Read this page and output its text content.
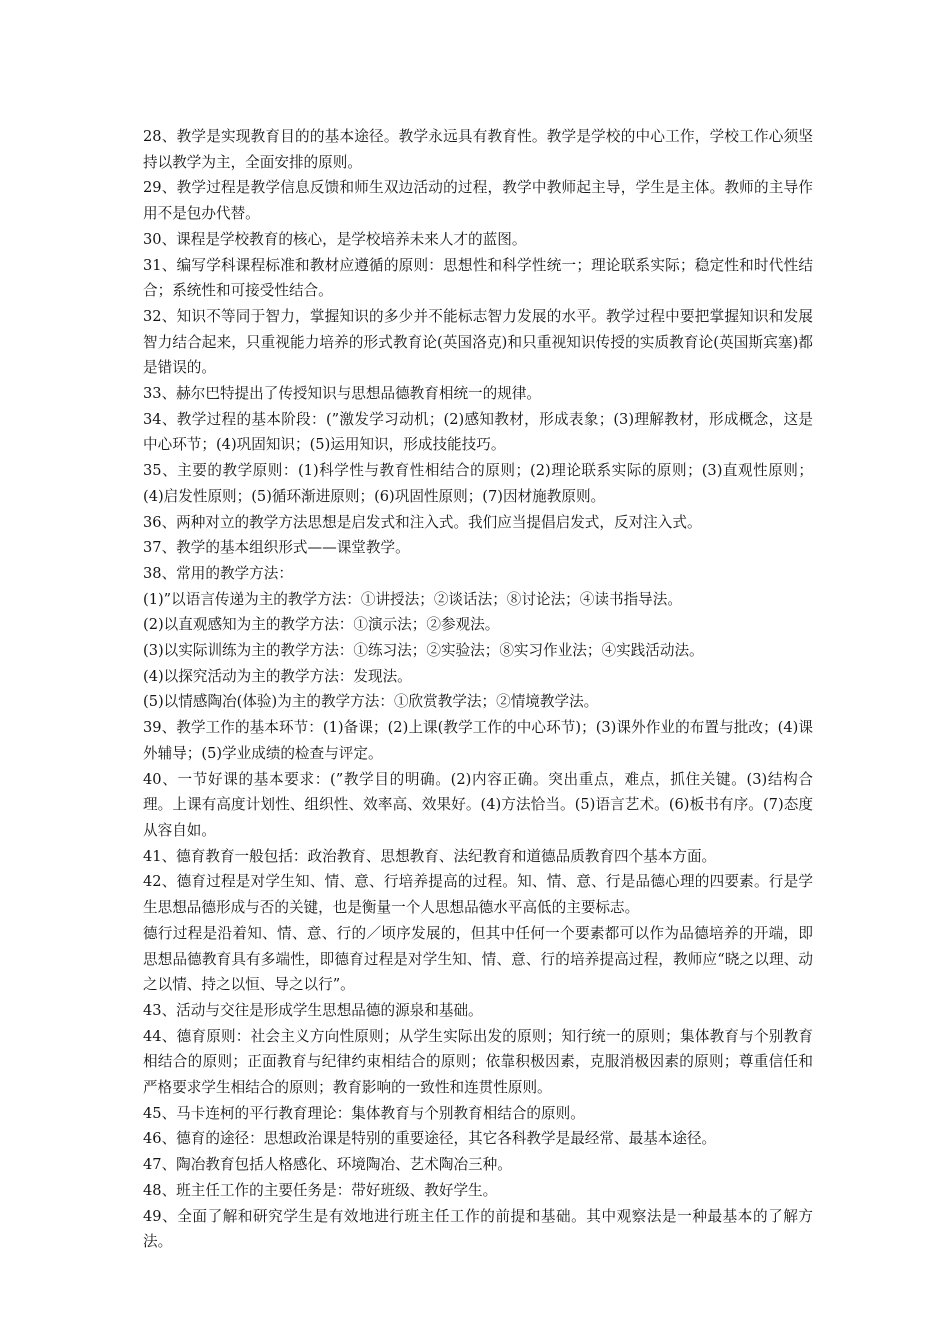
28、教学是实现教育目的的基本途径。教学永远具有教育性。教学是学校的中心工作，学校工作心须坚持以教学为主，全面安排的原则。

29、教学过程是教学信息反馈和师生双边活动的过程，教学中教师起主导，学生是主体。教师的主导作用不是包办代替。

30、课程是学校教育的核心，是学校培养未来人才的蓝图。

31、编写学科课程标准和教材应遵循的原则：思想性和科学性统一；理论联系实际；稳定性和时代性结合；系统性和可接受性结合。

32、知识不等同于智力，掌握知识的多少并不能标志智力发展的水平。教学过程中要把掌握知识和发展智力结合起来，只重视能力培养的形式教育论(英国洛克)和只重视知识传授的实质教育论(英国斯宾塞)都是错误的。

33、赫尔巴特提出了传授知识与思想品德教育相统一的规律。

34、教学过程的基本阶段：(”激发学习动机；(2)感知教材，形成表象；(3)理解教材，形成概念，这是中心环节；(4)巩固知识；(5)运用知识，形成技能技巧。

35、主要的教学原则：(1)科学性与教育性相结合的原则；(2)理论联系实际的原则；(3)直观性原则；(4)启发性原则；(5)循环渐进原则；(6)巩固性原则；(7)因材施教原则。

36、两种对立的教学方法思想是启发式和注入式。我们应当提倡启发式，反对注入式。

37、教学的基本组织形式——课堂教学。

38、常用的教学方法：

(1)”以语言传递为主的教学方法：①讲授法；②谈话法；⑧讨论法；④读书指导法。

(2)以直观感知为主的教学方法：①演示法；②参观法。

(3)以实际训练为主的教学方法：①练习法；②实验法；⑧实习作业法；④实践活动法。

(4)以探究活动为主的教学方法：发现法。

(5)以情感陶冶(体验)为主的教学方法：①欣赏教学法；②情境教学法。

39、教学工作的基本环节：(1)备课；(2)上课(教学工作的中心环节)；(3)课外作业的布置与批改；(4)课外辅导；(5)学业成绩的检查与评定。

40、一节好课的基本要求：(”教学目的明确。(2)内容正确。突出重点，难点，抓住关键。(3)结构合理。上课有高度计划性、组织性、效率高、效果好。(4)方法恰当。(5)语言艺术。(6)板书有序。(7)态度从容自如。

41、德育教育一般包括：政治教育、思想教育、法纪教育和道德品质教育四个基本方面。

42、德育过程是对学生知、情、意、行培养提高的过程。知、情、意、行是品德心理的四要素。行是学生思想品德形成与否的关键，也是衡量一个人思想品德水平高低的主要标志。

德行过程是沿着知、情、意、行的／顷序发展的，但其中任何一个要素都可以作为品德培养的开端，即思想品德教育具有多端性，即德育过程是对学生知、情、意、行的培养提高过程，教师应“晓之以理、动之以情、持之以恒、导之以行”。

43、活动与交往是形成学生思想品德的源泉和基础。

44、德育原则：社会主义方向性原则；从学生实际出发的原则；知行统一的原则；集体教育与个别教育相结合的原则；正面教育与纪律约束相结合的原则；依靠积极因素，克服消极因素的原则；尊重信任和严格要求学生相结合的原则；教育影响的一致性和连贯性原则。

45、马卡连柯的平行教育理论：集体教育与个别教育相结合的原则。

46、德育的途径：思想政治课是特别的重要途径，其它各科教学是最经常、最基本途径。

47、陶冶教育包括人格感化、环境陶冶、艺术陶冶三种。

48、班主任工作的主要任务是：带好班级、教好学生。

49、全面了解和研究学生是有效地进行班主任工作的前提和基础。其中观察法是一种最基本的了解方法。
